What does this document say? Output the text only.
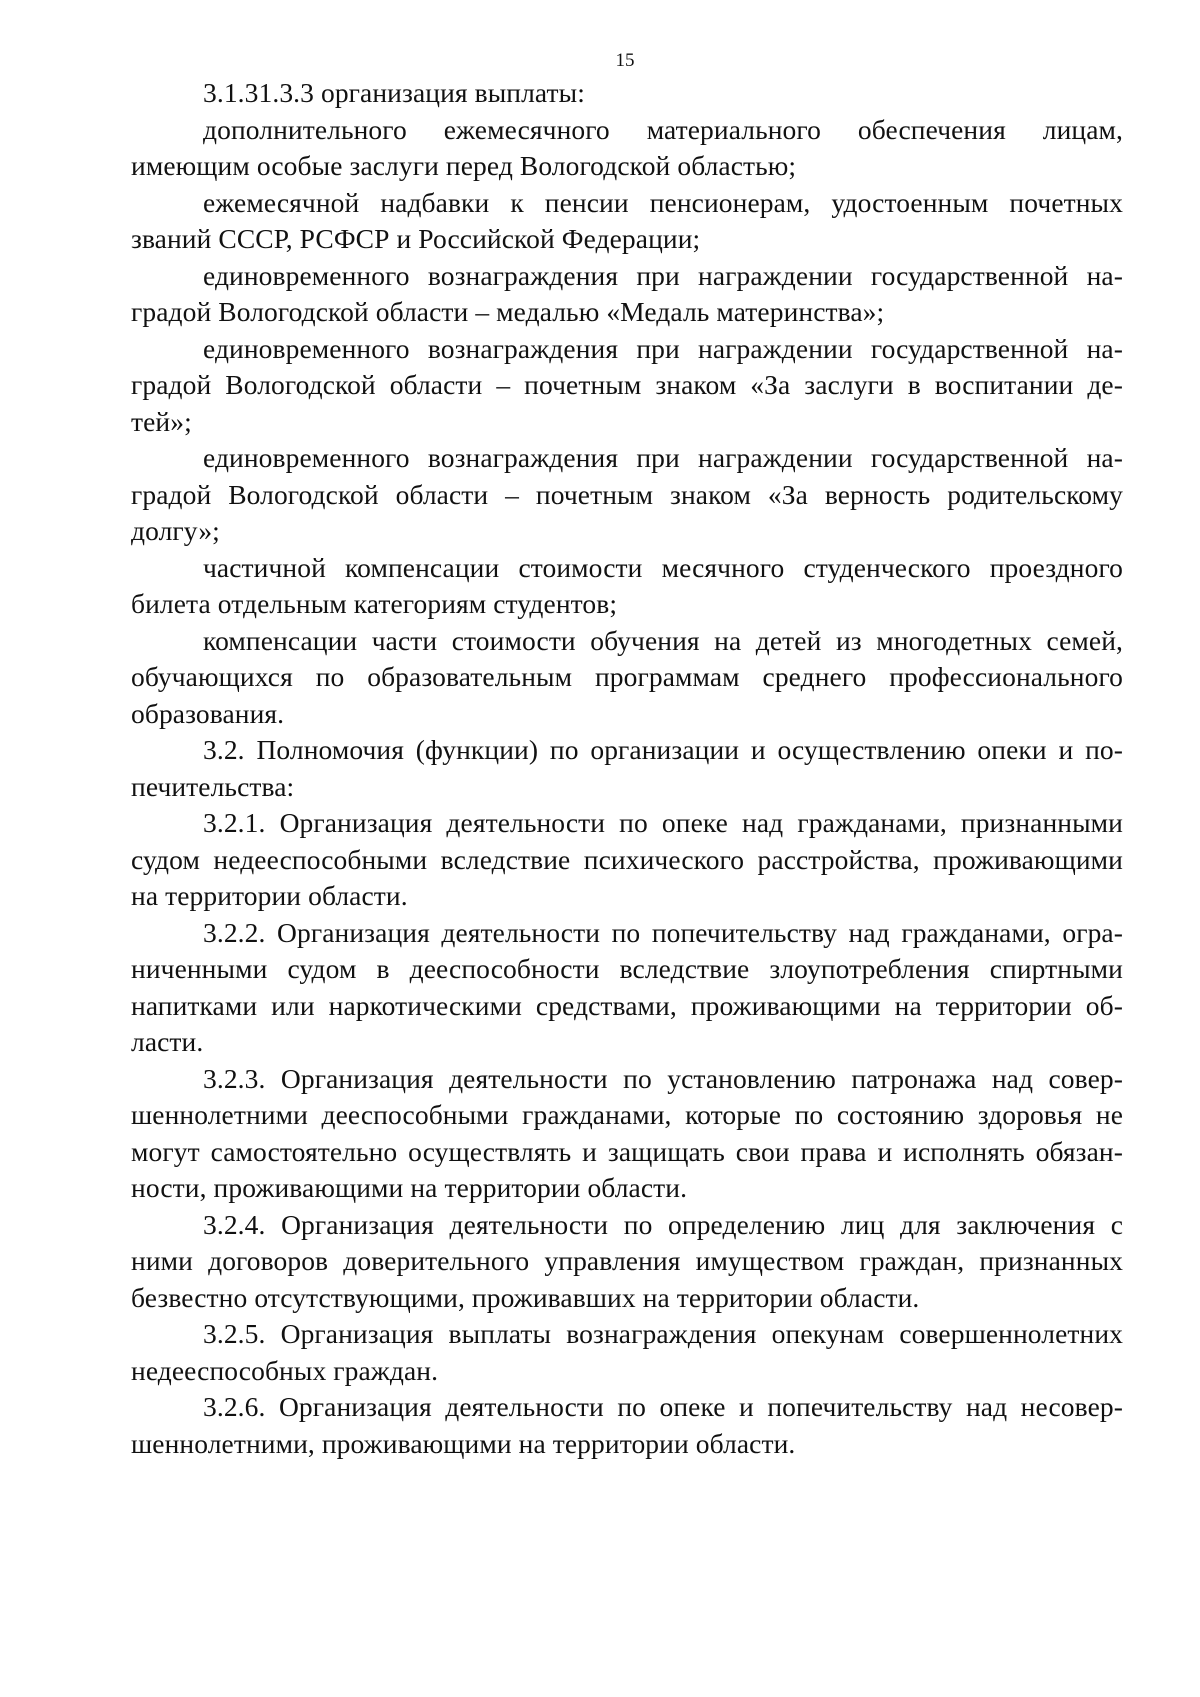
15

3.1.31.3.3 организация выплаты:

дополнительного ежемесячного материального обеспечения лицам,
имеющим особые заслуги перед Вологодской областью;

ежемесячной надбавки к пенсии пенсионерам, удостоенным почетных
званий СССР, РСФСР и Российской Федерации;

единовременного вознаграждения при награждении государственной на-
градой Вологодской области – медалью «Медаль материнства»;

единовременного вознаграждения при награждении государственной на-
градой Вологодской области – почетным знаком «За заслуги в воспитании де-
тей»;

единовременного вознаграждения при награждении государственной на-
градой Вологодской области – почетным знаком «За верность родительскому
долгу»;

частичной компенсации стоимости месячного студенческого проездного
билета отдельным категориям студентов;

компенсации части стоимости обучения на детей из многодетных семей,
обучающихся по образовательным программам среднего профессионального
образования.

3.2. Полномочия (функции) по организации и осуществлению опеки и по-
печительства:

3.2.1. Организация деятельности по опеке над гражданами, признанными
судом недееспособными вследствие психического расстройства, проживающими
на территории области.

3.2.2. Организация деятельности по попечительству над гражданами, огра-
ниченными судом в дееспособности вследствие злоупотребления спиртными
напитками или наркотическими средствами, проживающими на территории об-
ласти.

3.2.3. Организация деятельности по установлению патронажа над совер-
шеннолетними дееспособными гражданами, которые по состоянию здоровья не
могут самостоятельно осуществлять и защищать свои права и исполнять обязан-
ности, проживающими на территории области.

3.2.4. Организация деятельности по определению лиц для заключения с
ними договоров доверительного управления имуществом граждан, признанных
безвестно отсутствующими, проживавших на территории области.

3.2.5. Организация выплаты вознаграждения опекунам совершеннолетних
недееспособных граждан.

3.2.6. Организация деятельности по опеке и попечительству над несовер-
шеннолетними, проживающими на территории области.
